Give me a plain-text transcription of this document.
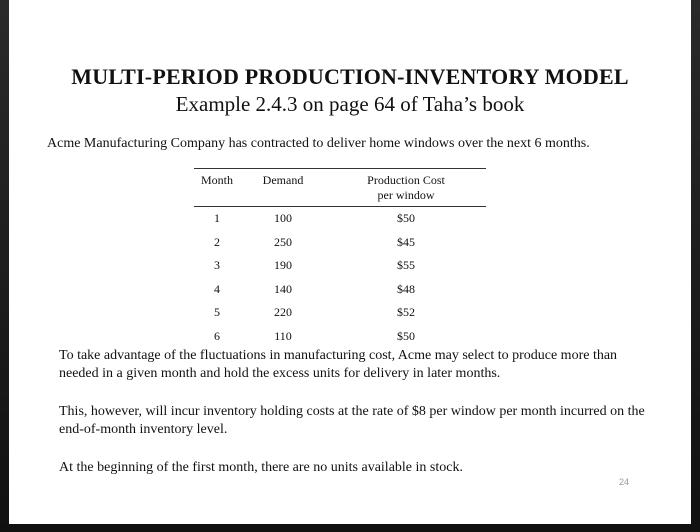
MULTI-PERIOD PRODUCTION-INVENTORY MODEL
Example 2.4.3 on page 64 of Taha’s book
Acme Manufacturing Company has contracted to deliver home windows over the next 6 months.
Month	Demand	Production Cost
per window
1	100	$50
2	250	$45
3	190	$55
4	140	$48
5	220	$52
6	110	$50
To take advantage of the fluctuations in manufacturing cost, Acme may select to produce more than needed in a given month and hold the excess units for delivery in later months.
This, however, will incur inventory holding costs at the rate of $8 per window per month incurred on the end-of-month inventory level.
At the beginning of the first month, there are no units available in stock.
24
